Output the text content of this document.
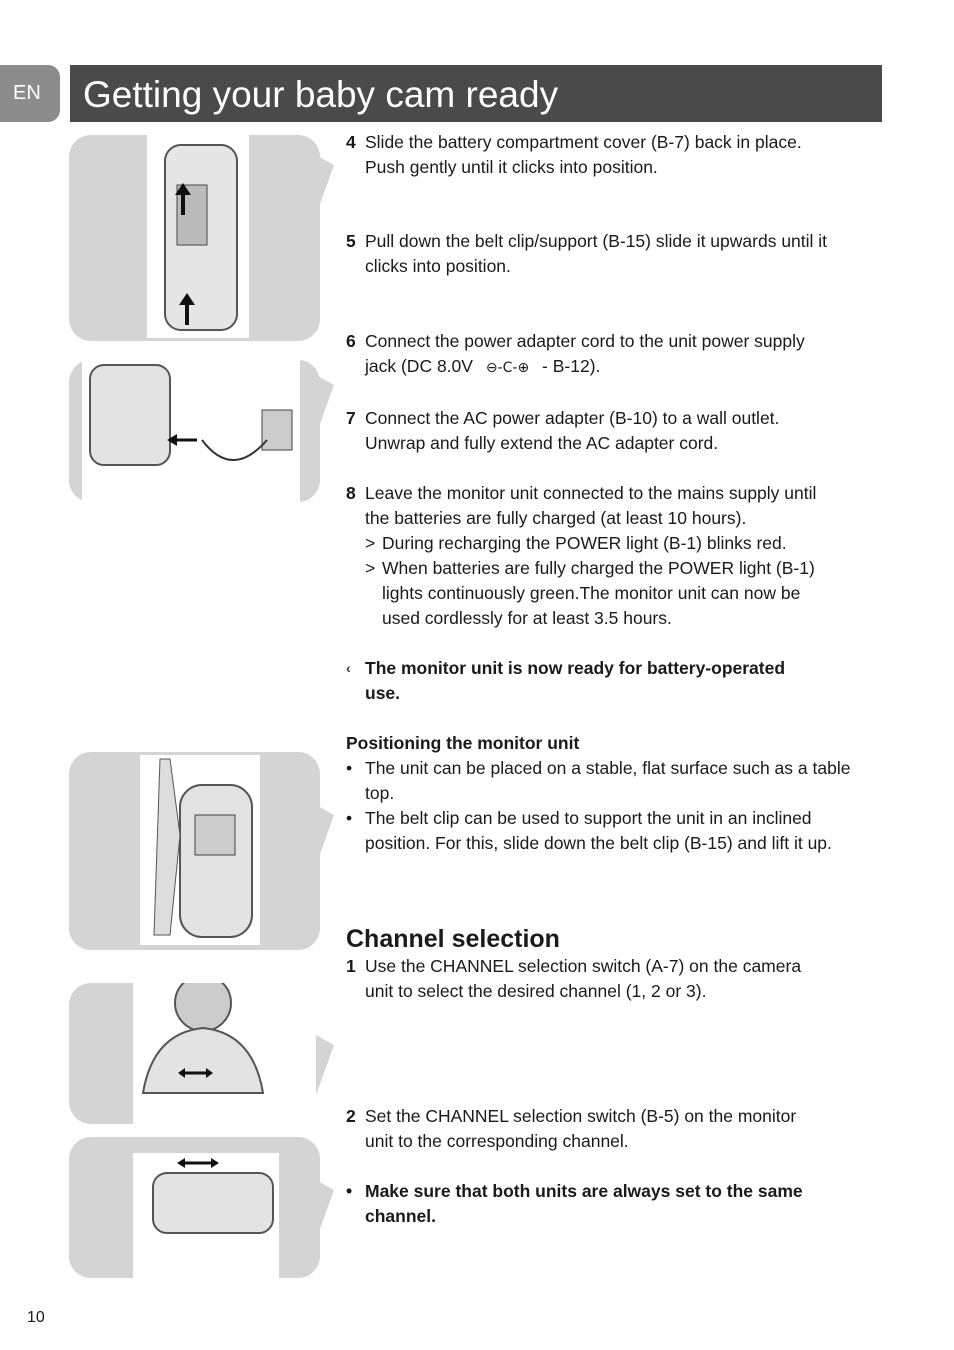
EN	Getting your baby cam ready
4 Slide the battery compartment cover (B-7) back in place.
Push gently until it clicks into position.
5 Pull down the belt clip/support (B-15) slide it upwards until it
clicks into position.
6 Connect the power adapter cord to the unit power supply
jack (DC 8.0V ⊖-C-⊕ - B-12).
7 Connect the AC power adapter (B-10) to a wall outlet.
Unwrap and fully extend the AC adapter cord.
8 Leave the monitor unit connected to the mains supply until
the batteries are fully charged (at least 10 hours).
> During recharging the POWER light (B-1) blinks red.
> When batteries are fully charged the POWER light (B-1)
lights continuously green.The monitor unit can now be
used cordlessly for at least 3.5 hours.
‹ The monitor unit is now ready for battery-operated
use.
Positioning the monitor unit
• The unit can be placed on a stable, flat surface such as a table
top.
• The belt clip can be used to support the unit in an inclined
position. For this, slide down the belt clip (B-15) and lift it up.
Channel selection
1 Use the CHANNEL selection switch (A-7) on the camera
unit to select the desired channel (1, 2 or 3).
2 Set the CHANNEL selection switch (B-5) on the monitor
unit to the corresponding channel.
• Make sure that both units are always set to the same
channel.
10
